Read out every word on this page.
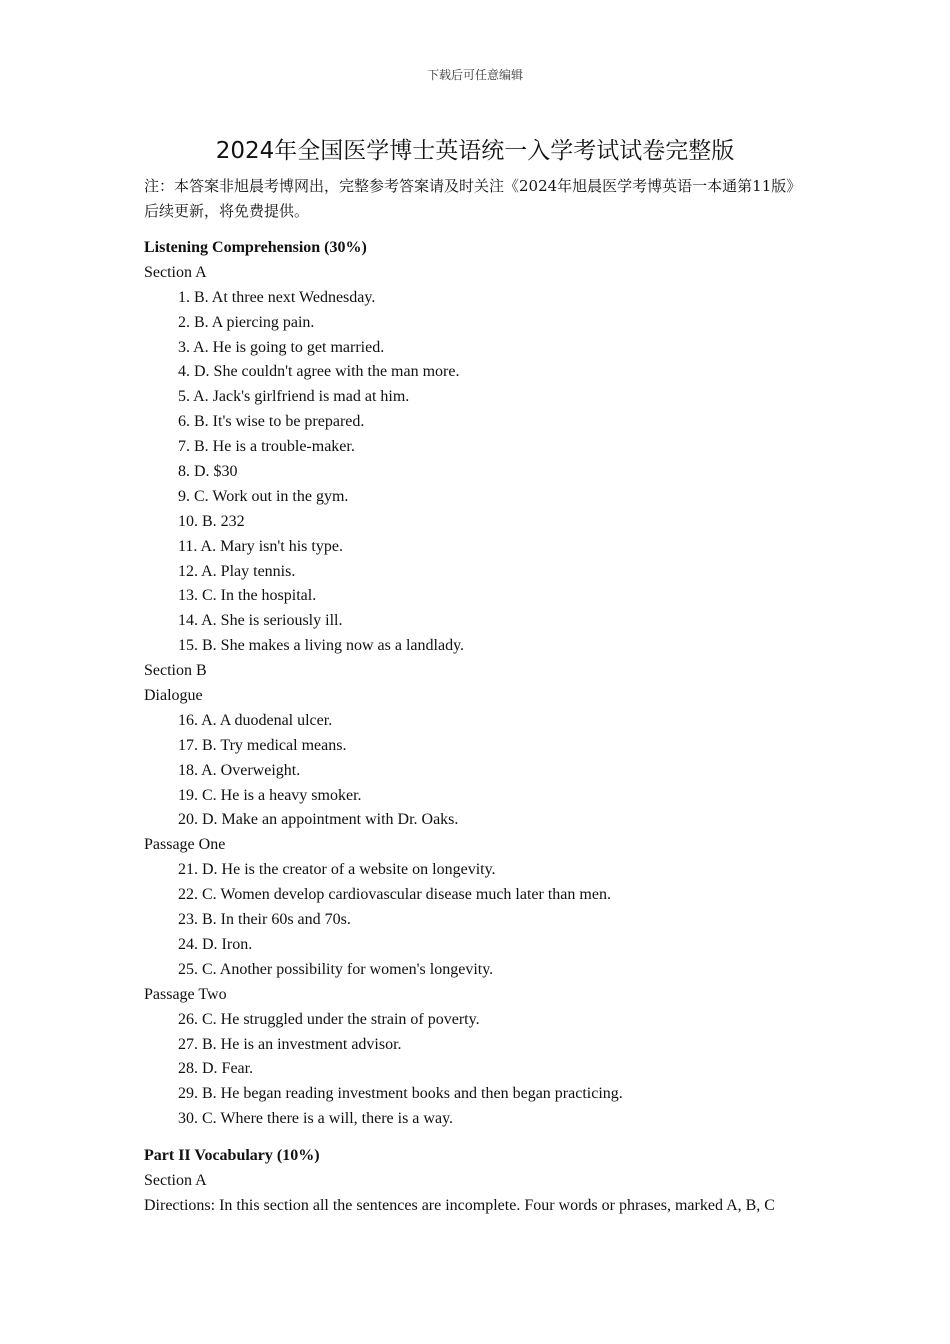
下载后可任意编辑
2024年全国医学博士英语统一入学考试试卷完整版

注：本答案非旭晨考博网出，完整参考答案请及时关注《2024年旭晨医学考博英语一本通第11版》后续更新，将免费提供。

Listening Comprehension (30%)
Section A
1. B. At three next Wednesday.
2. B. A piercing pain.
3. A. He is going to get married.
4. D. She couldn't agree with the man more.
5. A. Jack's girlfriend is mad at him.
6. B. It's wise to be prepared.
7. B. He is a trouble-maker.
8. D. $30
9. C. Work out in the gym.
10. B. 232
11. A. Mary isn't his type.
12. A. Play tennis.
13. C. In the hospital.
14. A. She is seriously ill.
15. B. She makes a living now as a landlady.
Section B
Dialogue
16. A. A duodenal ulcer.
17. B. Try medical means.
18. A. Overweight.
19. C. He is a heavy smoker.
20. D. Make an appointment with Dr. Oaks.
Passage One
21. D. He is the creator of a website on longevity.
22. C. Women develop cardiovascular disease much later than men.
23. B. In their 60s and 70s.
24. D. Iron.
25. C. Another possibility for women's longevity.
Passage Two
26. C. He struggled under the strain of poverty.
27. B. He is an investment advisor.
28. D. Fear.
29. B. He began reading investment books and then began practicing.
30. C. Where there is a will, there is a way.
Part II Vocabulary (10%)
Section A
Directions: In this section all the sentences are incomplete. Four words or phrases, marked A, B, C
